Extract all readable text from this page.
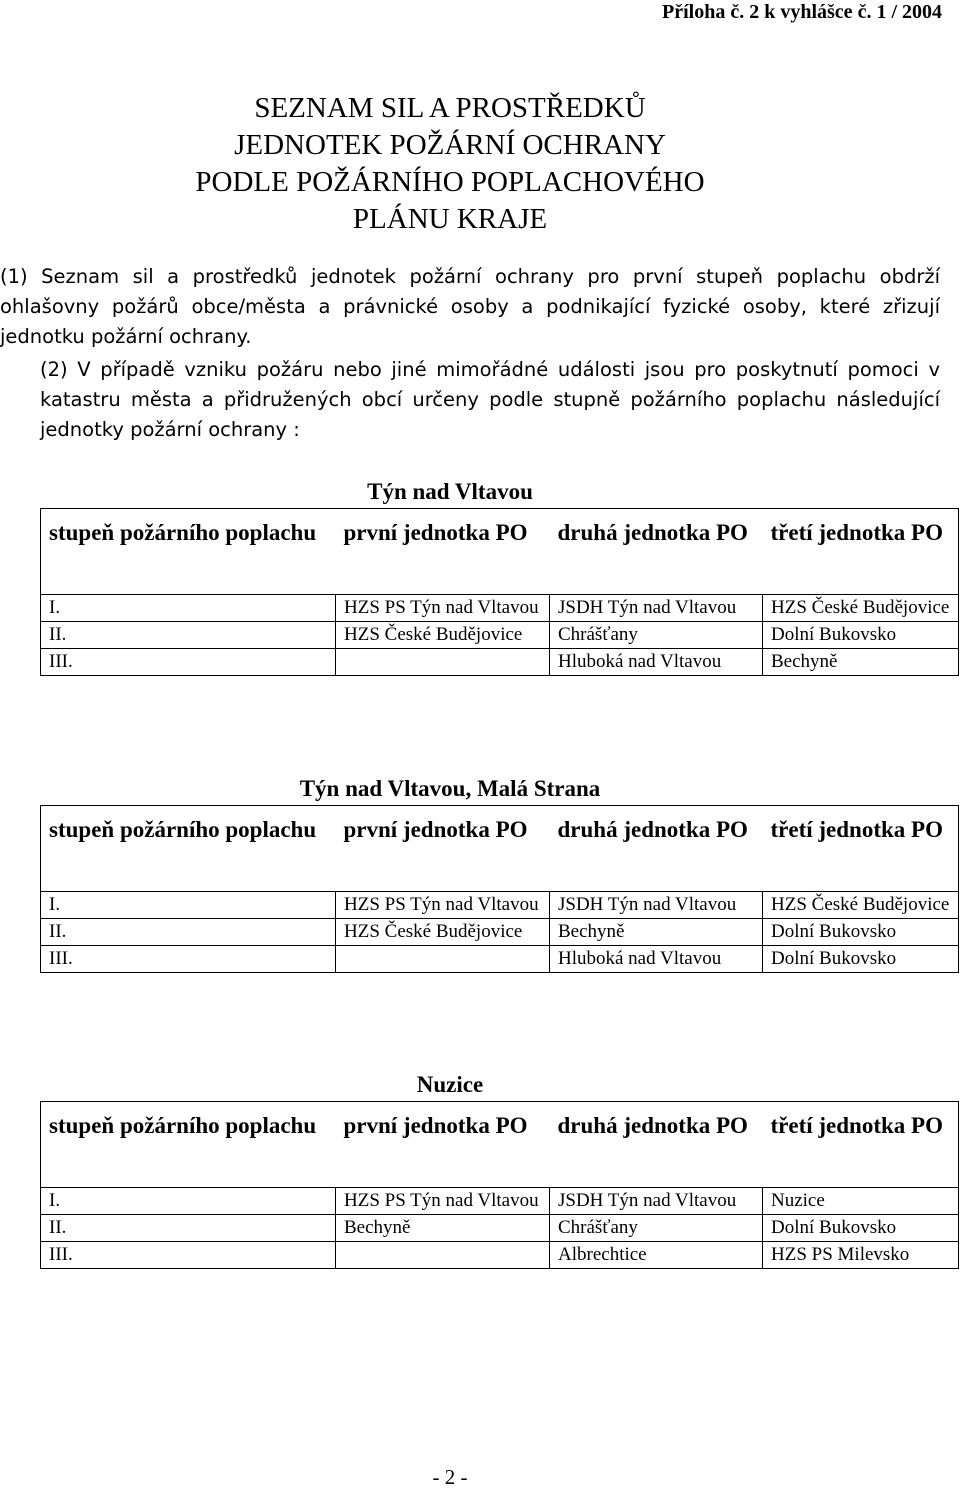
Příloha č. 2 k vyhlášce č. 1 / 2004
SEZNAM SIL A PROSTŘEDKŮ
JEDNOTEK POŽÁRNÍ OCHRANY
PODLE POŽÁRNÍHO POPLACHOVÉHO
PLÁNU KRAJE
(1) Seznam sil a prostředků jednotek požární ochrany pro první stupeň poplachu obdrží ohlašovny požárů obce/města a právnické osoby a podnikající fyzické osoby, které zřizují jednotku požární ochrany.
(2) V případě vzniku požáru nebo jiné mimořádné události jsou pro poskytnutí pomoci v katastru města a přidružených obcí určeny podle stupně požárního poplachu následující jednotky požární ochrany :
Týn nad Vltavou
stupeň požárního poplachu	první jednotka PO	druhá jednotka PO	třetí jednotka PO
I.	HZS PS Týn nad Vltavou	JSDH Týn nad Vltavou	HZS České Budějovice
II.	HZS České Budějovice	Chrášťany	Dolní Bukovsko
III.		Hluboká nad Vltavou	Bechyně
Týn nad Vltavou, Malá Strana
stupeň požárního poplachu	první jednotka PO	druhá jednotka PO	třetí jednotka PO
I.	HZS PS Týn nad Vltavou	JSDH Týn nad Vltavou	HZS České Budějovice
II.	HZS České Budějovice	Bechyně	Dolní Bukovsko
III.		Hluboká nad Vltavou	Dolní Bukovsko
Nuzice
stupeň požárního poplachu	první jednotka PO	druhá jednotka PO	třetí jednotka PO
I.	HZS PS Týn nad Vltavou	JSDH Týn nad Vltavou	Nuzice
II.	Bechyně	Chrášťany	Dolní Bukovsko
III.		Albrechtice	HZS PS Milevsko
- 2 -
